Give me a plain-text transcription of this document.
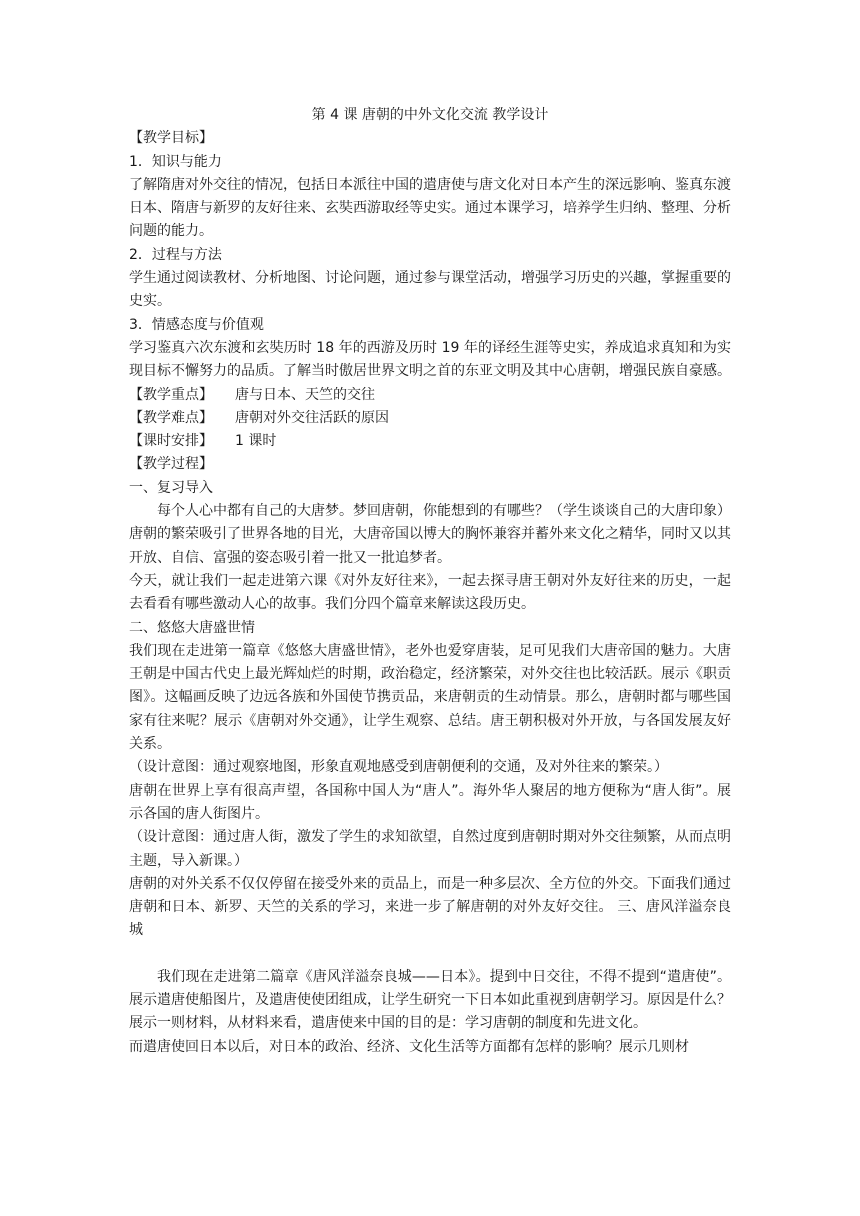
第 4 课 唐朝的中外文化交流 教学设计

【教学目标】

1．知识与能力

了解隋唐对外交往的情况，包括日本派往中国的遣唐使与唐文化对日本产生的深远影响、鉴真东渡日本、隋唐与新罗的友好往来、玄奘西游取经等史实。通过本课学习，培养学生归纳、整理、分析问题的能力。

2．过程与方法

学生通过阅读教材、分析地图、讨论问题，通过参与课堂活动，增强学习历史的兴趣，掌握重要的史实。

3．情感态度与价值观

学习鉴真六次东渡和玄奘历时 18 年的西游及历时 19 年的译经生涯等史实，养成追求真知和为实现目标不懈努力的品质。了解当时傲居世界文明之首的东亚文明及其中心唐朝，增强民族自豪感。

【教学重点】	唐与日本、天竺的交往
【教学难点】	唐朝对外交往活跃的原因
【课时安排】	1 课时

【教学过程】

一、复习导入

每个人心中都有自己的大唐梦。梦回唐朝，你能想到的有哪些？（学生谈谈自己的大唐印象）

唐朝的繁荣吸引了世界各地的目光，大唐帝国以博大的胸怀兼容并蓄外来文化之精华，同时又以其开放、自信、富强的姿态吸引着一批又一批追梦者。

今天，就让我们一起走进第六课《对外友好往来》，一起去探寻唐王朝对外友好往来的历史，一起去看看有哪些激动人心的故事。我们分四个篇章来解读这段历史。

二、悠悠大唐盛世情

我们现在走进第一篇章《悠悠大唐盛世情》，老外也爱穿唐装，足可见我们大唐帝国的魅力。大唐王朝是中国古代史上最光辉灿烂的时期，政治稳定，经济繁荣，对外交往也比较活跃。展示《职贡图》。这幅画反映了边远各族和外国使节携贡品，来唐朝贡的生动情景。那么，唐朝时都与哪些国家有往来呢？展示《唐朝对外交通》，让学生观察、总结。唐王朝积极对外开放，与各国发展友好关系。

（设计意图：通过观察地图，形象直观地感受到唐朝便利的交通，及对外往来的繁荣。）

唐朝在世界上享有很高声望，各国称中国人为“唐人”。海外华人聚居的地方便称为“唐人街”。展示各国的唐人街图片。

（设计意图：通过唐人街，激发了学生的求知欲望，自然过度到唐朝时期对外交往频繁，从而点明主题，导入新课。）

唐朝的对外关系不仅仅停留在接受外来的贡品上，而是一种多层次、全方位的外交。下面我们通过唐朝和日本、新罗、天竺的关系的学习，来进一步了解唐朝的对外友好交往。 三、唐风洋溢奈良城

我们现在走进第二篇章《唐风洋溢奈良城——日本》。提到中日交往，不得不提到“遣唐使”。展示遣唐使船图片，及遣唐使使团组成，让学生研究一下日本如此重视到唐朝学习。原因是什么？展示一则材料，从材料来看，遣唐使来中国的目的是：学习唐朝的制度和先进文化。

而遣唐使回日本以后，对日本的政治、经济、文化生活等方面都有怎样的影响？展示几则材
